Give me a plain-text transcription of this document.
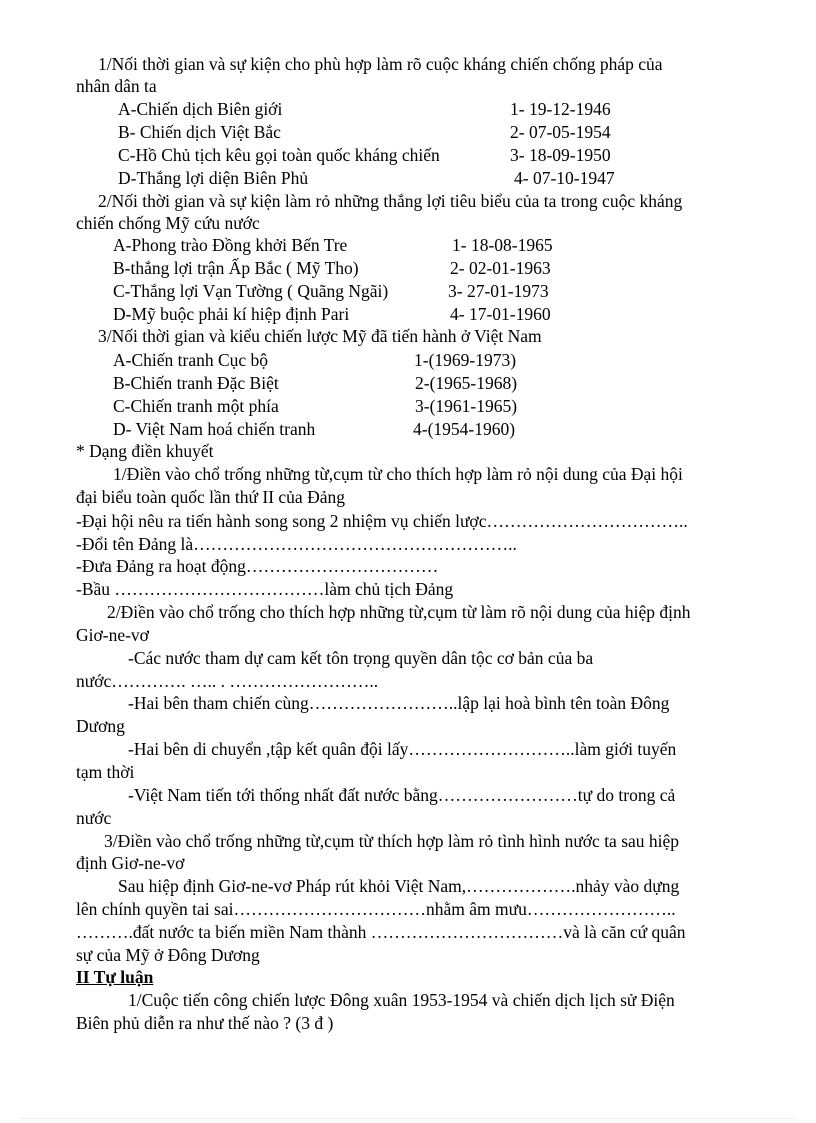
1/Nối thời gian và sự kiện cho phù hợp làm rõ cuộc kháng chiến chống pháp của
nhân dân ta
A-Chiến dịch Biên giới	1- 19-12-1946
B- Chiến dịch Việt Bắc	2- 07-05-1954
C-Hồ Chủ tịch kêu gọi toàn quốc kháng chiến	3- 18-09-1950
D-Thắng lợi diện Biên Phủ	4- 07-10-1947
2/Nối thời gian và sự kiện làm rỏ những thắng lợi tiêu biểu của ta trong cuộc kháng
chiến chống Mỹ cứu nước
A-Phong trào Đồng khởi Bến Tre	1- 18-08-1965
B-thắng lợi trận Ấp Bắc ( Mỹ Tho)	2- 02-01-1963
C-Thắng lợi Vạn Tường ( Quãng Ngãi)	3- 27-01-1973
D-Mỹ buộc phải kí hiệp định Pari	4- 17-01-1960
3/Nối thời gian và kiểu chiến lược Mỹ đã tiến hành ở Việt Nam
A-Chiến tranh Cục bộ	1-(1969-1973)
B-Chiến tranh Đặc Biệt	2-(1965-1968)
C-Chiến tranh một phía	3-(1961-1965)
D- Việt Nam hoá chiến tranh	4-(1954-1960)
* Dạng điền khuyết
1/Điền vào chổ trống những từ,cụm từ cho thích hợp làm rỏ nội dung của Đại hội
đại biểu toàn quốc lần thứ II của Đảng
-Đại hội nêu ra tiến hành song song 2 nhiệm vụ chiến lược……………………………..
-Đổi tên Đảng là………………………………………………..
-Đưa Đảng ra hoạt động……………………………
-Bầu ………………………………làm chủ tịch Đảng
2/Điền vào chổ trống cho thích hợp những từ,cụm từ làm rõ nội dung của hiệp định
Giơ-ne-vơ
-Các nước tham dự cam kết tôn trọng quyền dân tộc cơ bản của ba
nước…………. ….. . ……………………..
-Hai bên tham chiến cùng……………………..lập lại hoà bình tên toàn Đông
Dương
-Hai bên di chuyển ,tập kết quân đội lấy………………………..làm giới tuyến
tạm thời
-Việt Nam tiến tới thống nhất đất nước bằng……………………tự do trong cả
nước
3/Điền vào chổ trống những từ,cụm từ thích hợp làm rỏ tình hình nước ta sau hiệp
định Giơ-ne-vơ
Sau hiệp định Giơ-ne-vơ Pháp rút khỏi Việt Nam,……………….nhảy vào dựng
lên chính quyền tai sai……………………………nhằm âm mưu……………………..
……….đất nước ta biến miền Nam thành ……………………………và là căn cứ quân
sự của Mỹ ở Đông Dương
II Tự luận
1/Cuộc tiến công chiến lược Đông xuân 1953-1954 và chiến dịch lịch sử Điện
Biên phủ diễn ra như thế nào ? (3 đ )
